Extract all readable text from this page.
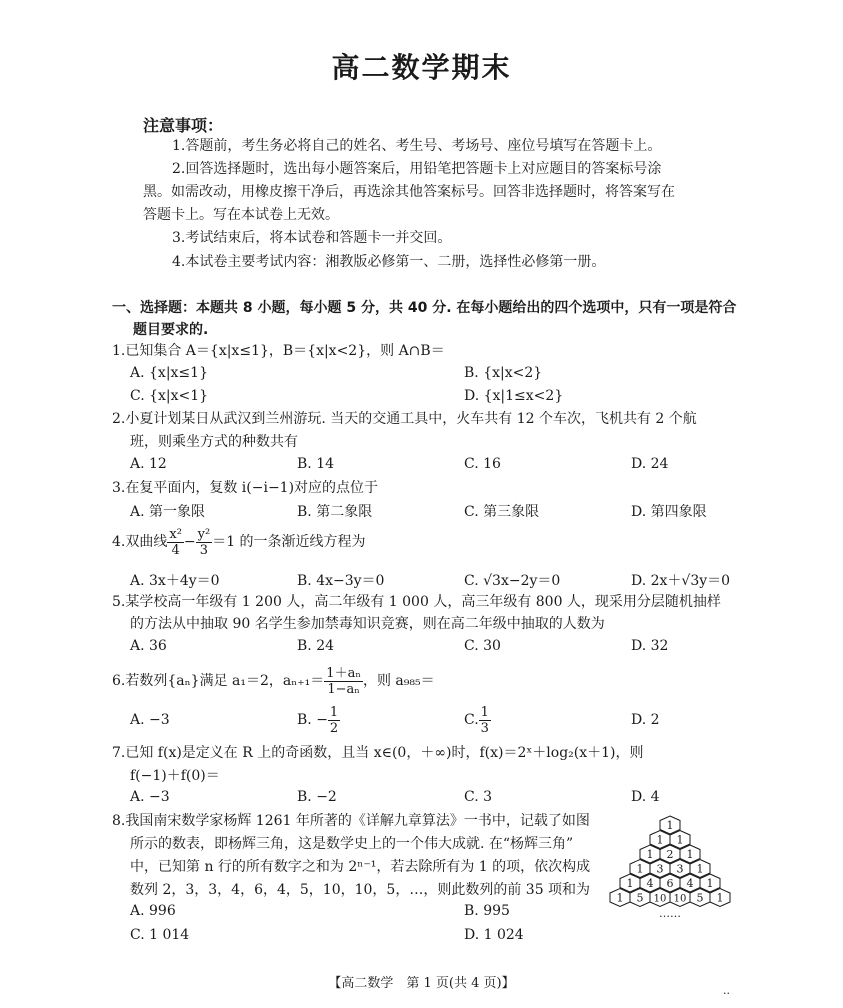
高二数学期末
注意事项：
1.答题前，考生务必将自己的姓名、考生号、考场号、座位号填写在答题卡上。
2.回答选择题时，选出每小题答案后，用铅笔把答题卡上对应题目的答案标号涂
黑。如需改动，用橡皮擦干净后，再选涂其他答案标号。回答非选择题时，将答案写在
答题卡上。写在本试卷上无效。
3.考试结束后，将本试卷和答题卡一并交回。
4.本试卷主要考试内容：湘教版必修第一、二册，选择性必修第一册。
一、选择题：本题共 8 小题，每小题 5 分，共 40 分. 在每小题给出的四个选项中，只有一项是符合
题目要求的.
1.已知集合 A＝{x|x≤1}，B＝{x|x<2}，则 A∩B＝
A. {x|x≤1}	B. {x|x<2}
C. {x|x<1}	D. {x|1≤x<2}
2.小夏计划某日从武汉到兰州游玩. 当天的交通工具中，火车共有 12 个车次，飞机共有 2 个航
班，则乘坐方式的种数共有
A. 12	B. 14	C. 16	D. 24
3.在复平面内，复数 i(−i−1)对应的点位于
A. 第一象限	B. 第二象限	C. 第三象限	D. 第四象限
4.双曲线 $\frac{\text{x²}}{4} - \frac{\text{y²}}{3} =1$ 的一条渐近线方程为
A. 3x＋4y＝0	B. 4x−3y＝0	C. √3x−2y＝0	D. 2x＋√3y＝0
5.某学校高一年级有 1 200 人，高二年级有 1 000 人，高三年级有 800 人，现采用分层随机抽样
的方法从中抽取 90 名学生参加禁毒知识竞赛，则在高二年级中抽取的人数为
A. 36	B. 24	C. 30	D. 32
6.若数列{aₙ}满足 a₁＝2，$a_{n+1}= \frac{\text{1＋aₙ}}{\text{1−aₙ}}$ ，则 a₉₈₅＝
A. −3	B. − $\frac{1}{2}$	C. $\frac{1}{3}$	D. 2
7.已知 f(x)是定义在 R 上的奇函数，且当 x∈(0，＋∞)时，f(x)＝2ˣ＋log₂(x＋1)，则
f(−1)＋f(0)＝
A. −3	B. −2	C. 3	D. 4
8.我国南宋数学家杨辉 1261 年所著的《详解九章算法》一书中，记载了如图
所示的数表，即杨辉三角，这是数学史上的一个伟大成就. 在“杨辉三角”
中，已知第 n 行的所有数字之和为 2ⁿ⁻¹，若去除所有为 1 的项，依次构成
数列 2，3，3，4，6，4，5，10，10，5，…，则此数列的前 35 项和为
A. 996	B. 995
C. 1 014	D. 1 024
1
1 1
1 2 1
1 3 3 1
1 4 6 4 1
1 5 10 10 5 1
……
【高二数学　第 1 页(共 4 页)】	..
